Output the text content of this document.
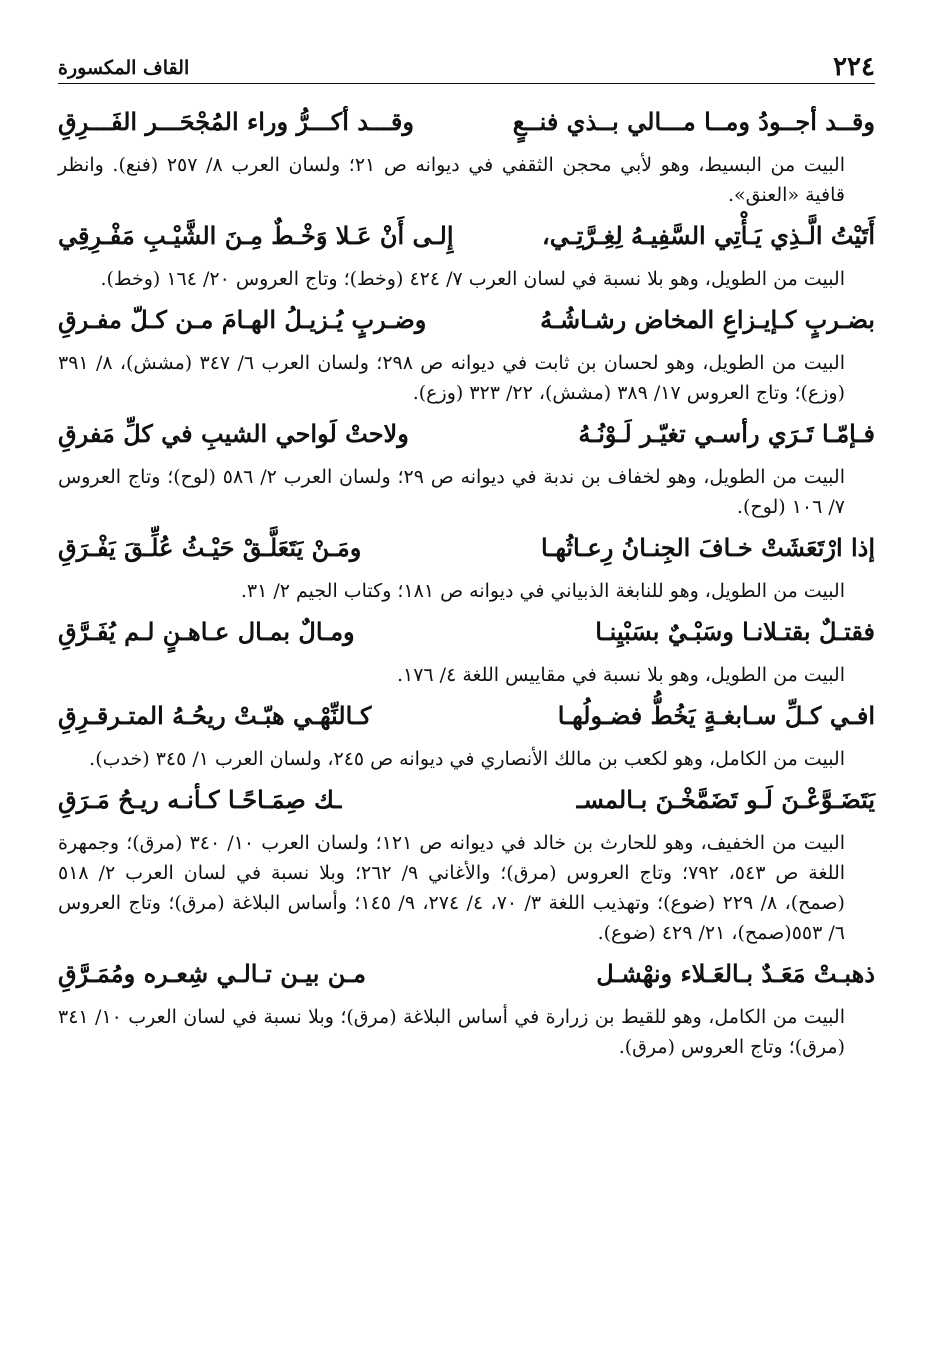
٢٢٤
القاف المكسورة
وقــد أجــودُ ومــا مـــالي بــذي فنــعٍ
وقـــد أكـــرُّ وراء المُجْحَـــر الفَـــرِقِ
البيت من البسيط، وهو لأبي محجن الثقفي في ديوانه ص ٢١؛ ولسان العرب ٨/ ٢٥٧ (فنع). وانظر قافية «العنق».
أَتَيْتُ الَّـذِي يَـأْتِي السَّفِيـهُ لِغِـرَّتِـي،
إِلـى أَنْ عَـلا وَخْـطٌ مِـنَ الشَّيْـبِ مَفْـرِقِي
البيت من الطويل، وهو بلا نسبة في لسان العرب ٧/ ٤٢٤ (وخط)؛ وتاج العروس ٢٠/ ١٦٤ (وخط).
بضـربٍ كـإيـزاعِ المخاض رشـاشُـهُ
وضـربٍ يُـزيـلُ الهـامَ مـن كـلّ مفـرقِ
البيت من الطويل، وهو لحسان بن ثابت في ديوانه ص ٢٩٨؛ ولسان العرب ٦/ ٣٤٧ (مشش)، ٨/ ٣٩١ (وزع)؛ وتاج العروس ١٧/ ٣٨٩ (مشش)، ٢٢/ ٣٢٣ (وزع).
فـإمّـا تَـرَي رأسـي تغيّـر لَـوْنُـهُ
ولاحتْ لَواحي الشيبِ في كلِّ مَفرقِ
البيت من الطويل، وهو لخفاف بن ندبة في ديوانه ص ٢٩؛ ولسان العرب ٢/ ٥٨٦ (لوح)؛ وتاج العروس ٧/ ١٠٦ (لوح).
إذا ارْتَعَشَتْ خـافَ الجِنـانُ رِعـاثُهـا
ومَـنْ يَتَعَلَّـقْ حَيْـثُ عُلِّـقَ يَفْـرَقِ
البيت من الطويل، وهو للنابغة الذبياني في ديوانه ص ١٨١؛ وكتاب الجيم ٢/ ٣١.
فقتـلٌ بقتـلانـا وسَبْـيٌ بسَبْيِنـا
ومـالٌ بمـال عـاهـنٍ لـم يُفَـرَّقِ
البيت من الطويل، وهو بلا نسبة في مقاييس اللغة ٤/ ١٧٦.
افـي كـلِّ سـابغـةٍ يَخُطُّ فضـولُهـا
كـالنِّهْـي هبّـتْ ريحُـهُ المتـرقـرِقِ
البيت من الكامل، وهو لكعب بن مالك الأنصاري في ديوانه ص ٢٤٥، ولسان العرب ١/ ٣٤٥ (خدب).
يَتَضَـوَّعْـنَ لَـو تَضَمَّخْـنَ بـالمسـ
ـك صِمَـاحًـا كـأنـه ريـحُ مَـرَقِ
البيت من الخفيف، وهو للحارث بن خالد في ديوانه ص ١٢١؛ ولسان العرب ١٠/ ٣٤٠ (مرق)؛ وجمهرة اللغة ص ٥٤٣، ٧٩٢؛ وتاج العروس (مرق)؛ والأغاني ٩/ ٢٦٢؛ وبلا نسبة في لسان العرب ٢/ ٥١٨ (صمح)، ٨/ ٢٢٩ (ضوع)؛ وتهذيب اللغة ٣/ ٧٠، ٤/ ٢٧٤، ٩/ ١٤٥؛ وأساس البلاغة (مرق)؛ وتاج العروس ٦/ ٥٥٣(صمح)، ٢١/ ٤٢٩ (ضوع).
ذهبـتْ مَعَـدٌ بـالعَـلاء ونهْشـل
مـن بيـن تـالـي شِعـره ومُمَـرَّقِ
البيت من الكامل، وهو للقيط بن زرارة في أساس البلاغة (مرق)؛ وبلا نسبة في لسان العرب ١٠/ ٣٤١ (مرق)؛ وتاج العروس (مرق).
